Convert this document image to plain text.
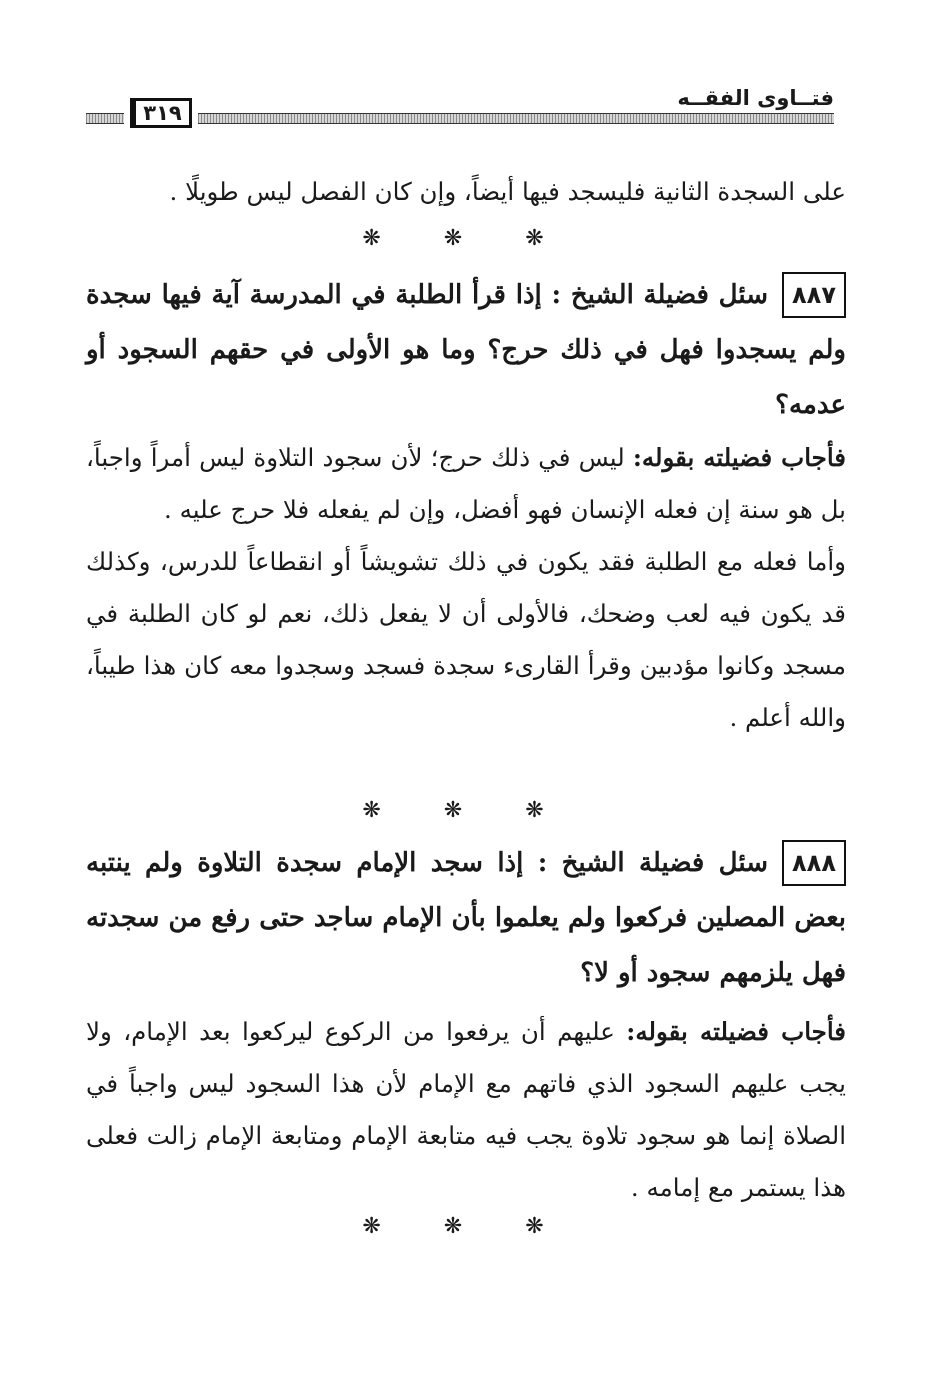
فتــاوى الفقــه
٣١٩

على السجدة الثانية فليسجد فيها أيضاً، وإن كان الفصل ليس طويلًا .

❋ ❋ ❋
٨٨٧
سئل فضيلة الشيخ : إذا قرأ الطلبة في المدرسة آية فيها سجدة ولم يسجدوا فهل في ذلك حرج؟ وما هو الأولى في حقهم السجود أو عدمه؟

فأجاب فضيلته بقوله: ليس في ذلك حرج؛ لأن سجود التلاوة ليس أمراً واجباً، بل هو سنة إن فعله الإنسان فهو أفضل، وإن لم يفعله فلا حرج عليه .

وأما فعله مع الطلبة فقد يكون في ذلك تشويشاً أو انقطاعاً للدرس، وكذلك قد يكون فيه لعب وضحك، فالأولى أن لا يفعل ذلك، نعم لو كان الطلبة في مسجد وكانوا مؤدبين وقرأ القارىء سجدة فسجد وسجدوا معه كان هذا طيباً، والله أعلم .

❋ ❋ ❋
٨٨٨
سئل فضيلة الشيخ : إذا سجد الإمام سجدة التلاوة ولم ينتبه بعض المصلين فركعوا ولم يعلموا بأن الإمام ساجد حتى رفع من سجدته فهل يلزمهم سجود أو لا؟

فأجاب فضيلته بقوله: عليهم أن يرفعوا من الركوع ليركعوا بعد الإمام، ولا يجب عليهم السجود الذي فاتهم مع الإمام لأن هذا السجود ليس واجباً في الصلاة إنما هو سجود تلاوة يجب فيه متابعة الإمام ومتابعة الإمام زالت فعلى هذا يستمر مع إمامه .

❋ ❋ ❋
